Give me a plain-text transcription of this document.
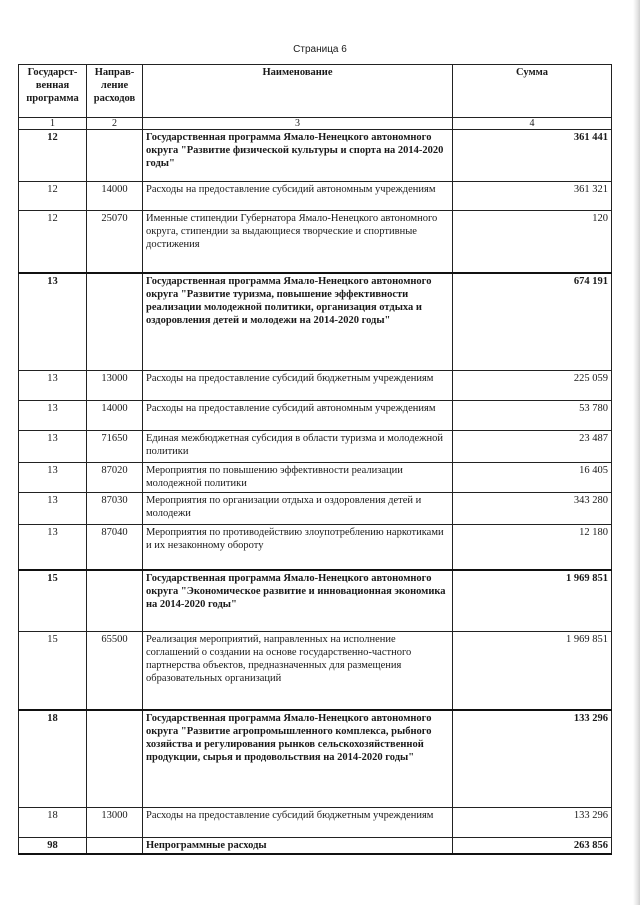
Страница 6
Государст-венная программа	Направ-ление расходов	Наименование	Сумма
1	2	3	4
12		Государственная программа Ямало-Ненецкого автономного округа "Развитие физической культуры и спорта на 2014-2020 годы"	361 441
12	14000	Расходы на предоставление субсидий автономным учреждениям	361 321
12	25070	Именные стипендии Губернатора Ямало-Ненецкого автономного округа, стипендии за выдающиеся творческие и спортивные достижения	120
13		Государственная программа Ямало-Ненецкого автономного округа "Развитие туризма, повышение эффективности реализации молодежной политики, организация отдыха и оздоровления детей и молодежи на 2014-2020 годы"	674 191
13	13000	Расходы на предоставление субсидий бюджетным учреждениям	225 059
13	14000	Расходы на предоставление субсидий автономным учреждениям	53 780
13	71650	Единая межбюджетная субсидия в области туризма и молодежной политики	23 487
13	87020	Мероприятия по повышению эффективности реализации молодежной политики	16 405
13	87030	Мероприятия по организации отдыха и оздоровления детей и молодежи	343 280
13	87040	Мероприятия по противодействию злоупотреблению наркотиками и их незаконному обороту	12 180
15		Государственная программа Ямало-Ненецкого автономного округа "Экономическое развитие и инновационная экономика на 2014-2020 годы"	1 969 851
15	65500	Реализация мероприятий, направленных на исполнение соглашений о создании на основе государственно-частного партнерства объектов, предназначенных для размещения образовательных организаций	1 969 851
18		Государственная программа Ямало-Ненецкого автономного округа "Развитие агропромышленного комплекса, рыбного хозяйства и регулирования рынков сельскохозяйственной продукции, сырья и продовольствия на 2014-2020 годы"	133 296
18	13000	Расходы на предоставление субсидий бюджетным учреждениям	133 296
98		Непрограммные расходы	263 856
